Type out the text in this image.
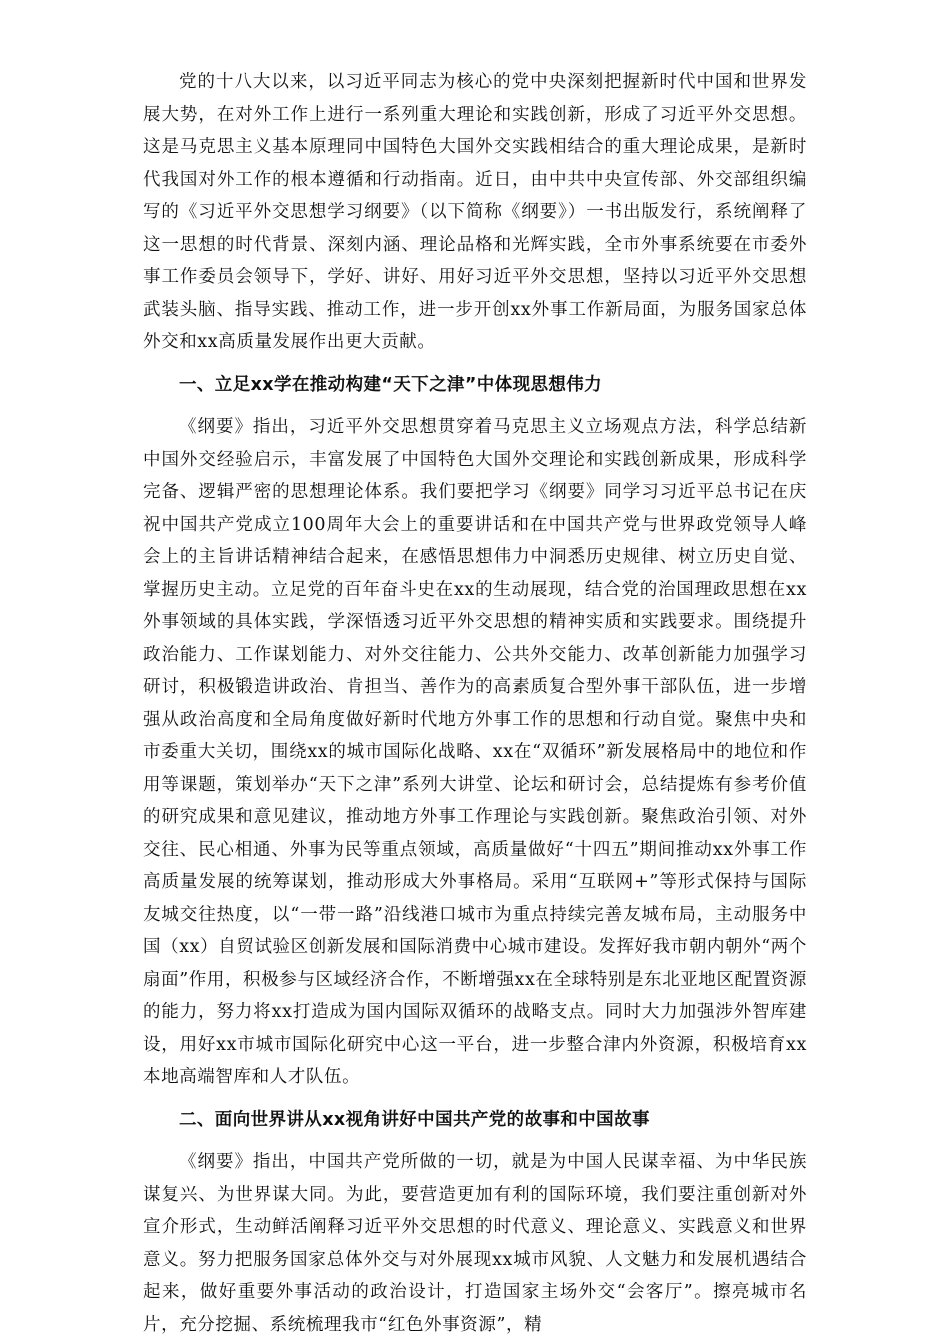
党的十八大以来，以习近平同志为核心的党中央深刻把握新时代中国和世界发展大势，在对外工作上进行一系列重大理论和实践创新，形成了习近平外交思想。这是马克思主义基本原理同中国特色大国外交实践相结合的重大理论成果，是新时代我国对外工作的根本遵循和行动指南。近日，由中共中央宣传部、外交部组织编写的《习近平外交思想学习纲要》（以下简称《纲要》）一书出版发行，系统阐释了这一思想的时代背景、深刻内涵、理论品格和光辉实践，全市外事系统要在市委外事工作委员会领导下，学好、讲好、用好习近平外交思想，坚持以习近平外交思想武装头脑、指导实践、推动工作，进一步开创xx外事工作新局面，为服务国家总体外交和xx高质量发展作出更大贡献。

一、立足xx学在推动构建“天下之津”中体现思想伟力

《纲要》指出，习近平外交思想贯穿着马克思主义立场观点方法，科学总结新中国外交经验启示，丰富发展了中国特色大国外交理论和实践创新成果，形成科学完备、逻辑严密的思想理论体系。我们要把学习《纲要》同学习习近平总书记在庆祝中国共产党成立100周年大会上的重要讲话和在中国共产党与世界政党领导人峰会上的主旨讲话精神结合起来，在感悟思想伟力中洞悉历史规律、树立历史自觉、掌握历史主动。立足党的百年奋斗史在xx的生动展现，结合党的治国理政思想在xx外事领域的具体实践，学深悟透习近平外交思想的精神实质和实践要求。围绕提升政治能力、工作谋划能力、对外交往能力、公共外交能力、改革创新能力加强学习研讨，积极锻造讲政治、肯担当、善作为的高素质复合型外事干部队伍，进一步增强从政治高度和全局角度做好新时代地方外事工作的思想和行动自觉。聚焦中央和市委重大关切，围绕xx的城市国际化战略、xx在“双循环”新发展格局中的地位和作用等课题，策划举办“天下之津”系列大讲堂、论坛和研讨会，总结提炼有参考价值的研究成果和意见建议，推动地方外事工作理论与实践创新。聚焦政治引领、对外交往、民心相通、外事为民等重点领域，高质量做好“十四五”期间推动xx外事工作高质量发展的统筹谋划，推动形成大外事格局。采用“互联网+”等形式保持与国际友城交往热度，以“一带一路”沿线港口城市为重点持续完善友城布局，主动服务中国（xx）自贸试验区创新发展和国际消费中心城市建设。发挥好我市朝内朝外“两个扇面”作用，积极参与区域经济合作，不断增强xx在全球特别是东北亚地区配置资源的能力，努力将xx打造成为国内国际双循环的战略支点。同时大力加强涉外智库建设，用好xx市城市国际化研究中心这一平台，进一步整合津内外资源，积极培育xx本地高端智库和人才队伍。

二、面向世界讲从xx视角讲好中国共产党的故事和中国故事

《纲要》指出，中国共产党所做的一切，就是为中国人民谋幸福、为中华民族谋复兴、为世界谋大同。为此，要营造更加有利的国际环境，我们要注重创新对外宣介形式，生动鲜活阐释习近平外交思想的时代意义、理论意义、实践意义和世界意义。努力把服务国家总体外交与对外展现xx城市风貌、人文魅力和发展机遇结合起来，做好重要外事活动的政治设计，打造国家主场外交“会客厅”。擦亮城市名片，充分挖掘、系统梳理我市“红色外事资源”，精
